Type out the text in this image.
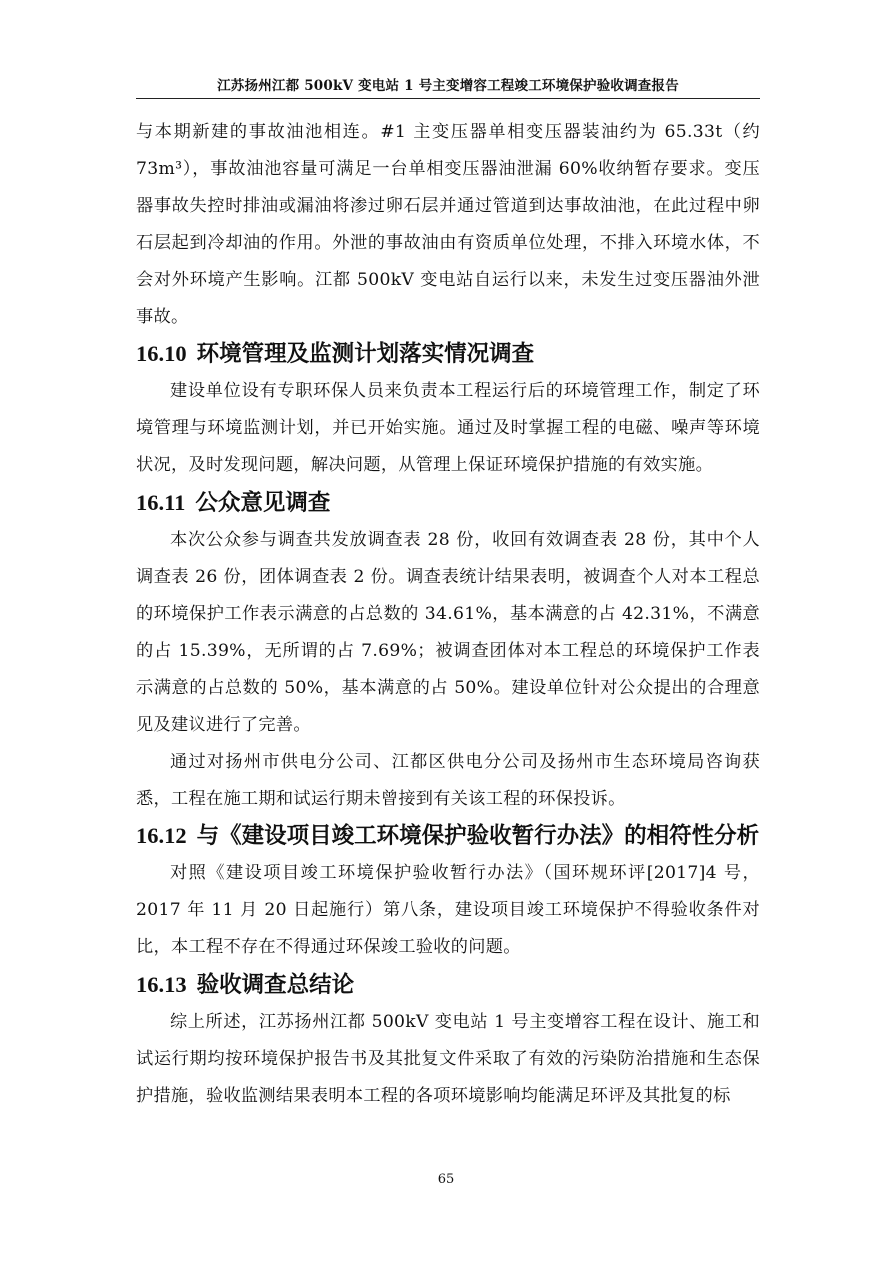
江苏扬州江都 500kV 变电站 1 号主变增容工程竣工环境保护验收调查报告

与本期新建的事故油池相连。#1 主变压器单相变压器装油约为 65.33t（约 73m³），事故油池容量可满足一台单相变压器油泄漏 60%收纳暂存要求。变压器事故失控时排油或漏油将渗过卵石层并通过管道到达事故油池，在此过程中卵石层起到冷却油的作用。外泄的事故油由有资质单位处理，不排入环境水体，不会对外环境产生影响。江都 500kV 变电站自运行以来，未发生过变压器油外泄事故。

16.10 环境管理及监测计划落实情况调查

建设单位设有专职环保人员来负责本工程运行后的环境管理工作，制定了环境管理与环境监测计划，并已开始实施。通过及时掌握工程的电磁、噪声等环境状况，及时发现问题，解决问题，从管理上保证环境保护措施的有效实施。

16.11 公众意见调查

本次公众参与调查共发放调查表 28 份，收回有效调查表 28 份，其中个人调查表 26 份，团体调查表 2 份。调查表统计结果表明，被调查个人对本工程总的环境保护工作表示满意的占总数的 34.61%，基本满意的占 42.31%，不满意的占 15.39%，无所谓的占 7.69%；被调查团体对本工程总的环境保护工作表示满意的占总数的 50%，基本满意的占 50%。建设单位针对公众提出的合理意见及建议进行了完善。

通过对扬州市供电分公司、江都区供电分公司及扬州市生态环境局咨询获悉，工程在施工期和试运行期未曾接到有关该工程的环保投诉。

16.12 与《建设项目竣工环境保护验收暂行办法》的相符性分析

对照《建设项目竣工环境保护验收暂行办法》（国环规环评[2017]4 号，2017 年 11 月 20 日起施行）第八条，建设项目竣工环境保护不得验收条件对比，本工程不存在不得通过环保竣工验收的问题。

16.13 验收调查总结论

综上所述，江苏扬州江都 500kV 变电站 1 号主变增容工程在设计、施工和试运行期均按环境保护报告书及其批复文件采取了有效的污染防治措施和生态保护措施，验收监测结果表明本工程的各项环境影响均能满足环评及其批复的标

65
